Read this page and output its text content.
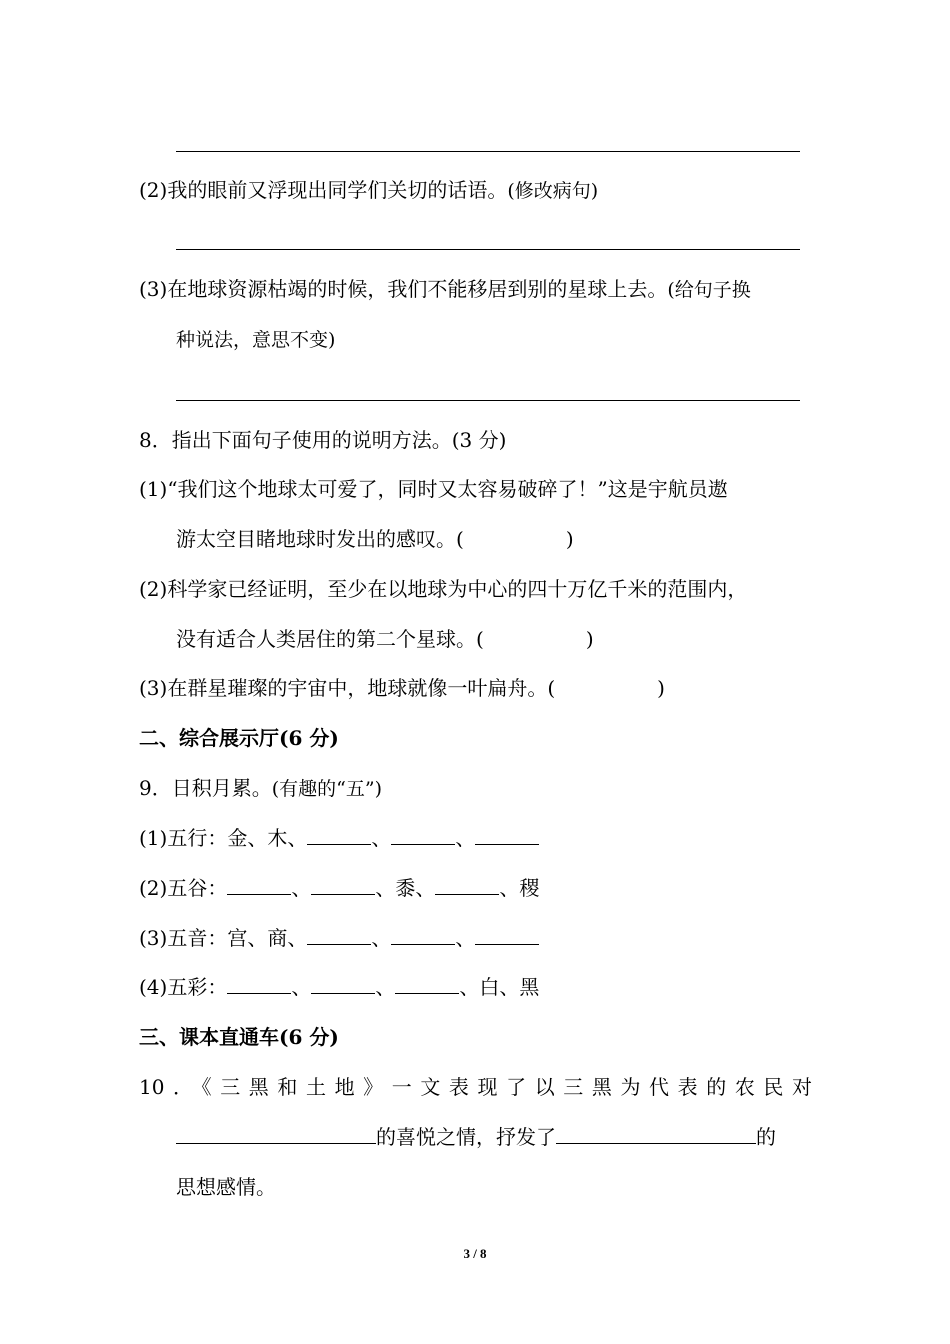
(2)我的眼前又浮现出同学们关切的话语。(修改病句)
(3)在地球资源枯竭的时候，我们不能移居到别的星球上去。(给句子换
种说法，意思不变)
8．指出下面句子使用的说明方法。(3 分)
(1)“我们这个地球太可爱了，同时又太容易破碎了！”这是宇航员遨
游太空目睹地球时发出的感叹。(	)
(2)科学家已经证明，至少在以地球为中心的四十万亿千米的范围内，
没有适合人类居住的第二个星球。(	)
(3)在群星璀璨的宇宙中，地球就像一叶扁舟。(	)
二、综合展示厅(6 分)
9．日积月累。(有趣的“五”)
(1)五行：金、木、	、	、
(2)五谷：	、	、黍、	、稷
(3)五音：宫、商、	、	、
(4)五彩：	、	、	、白、黑
三、课本直通车(6 分)
10．《三黑和土地》一文表现了以三黑为代表的农民对
的喜悦之情，抒发了	的
思想感情。
3 / 8
